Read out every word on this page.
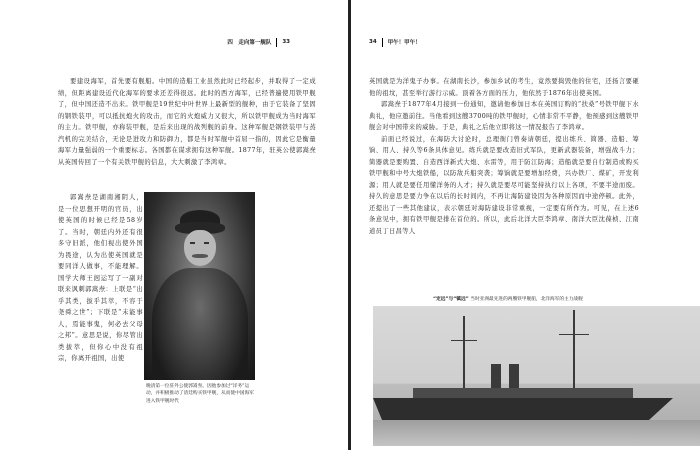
四　走向第一舰队 33

要建设海军，首先要有舰船。中国的造船工业虽然此时已经起步，并取得了一定成绩，但距离建设近代化海军的要求还差得很远。此时的西方海军，已经普遍使用铁甲舰了，但中国还造不出来。铁甲舰是19世纪中叶世界上最新型的舰种，由于它装备了坚固的钢铁装甲，可以抵抗炮火的攻击，而它的火炮威力又很大，所以铁甲舰成为当时海军的主力。铁甲舰，亦称装甲舰，是后来出现的战列舰的前身。这种军舰是钢铁装甲与蒸汽机的完美结合，无论是进攻力和防御力，都是当时军舰中首屈一指的，因此它是衡量海军力量强弱的一个重要标志。各国都在谋求拥有这种军舰。1877年，驻英公使郭嵩焘从英国传回了一个有关铁甲舰的信息，大大刺激了李鸿章。

郭嵩焘是湖南湘阴人，是一位思想开明的官员，出使英国的时候已经是58岁了。当时，朝廷内外还有很多守旧派，他们视出使外国为畏途，认为出使英国就是要同洋人做事，不能理解。国学大师王闿运写了一副对联来讽刺郭嵩焘：上联是“出乎其类，拔乎其萃，不容于尧舜之世”；下联是“未能事人，焉能事鬼，何必去父母之邦”。意思是说，你尽管出类拔萃，但你心中没有祖宗，你离开祖国，出使

晚清第一位驻外公使郭嵩焘。因他参加过“洋务”运动，并积极推动了清廷购买铁甲舰，从而使中国海军进入铁甲舰时代
34 甲午！甲午！

英国就是为洋鬼子办事。在湖南长沙，参加乡试的考生，竟然要捣毁他的住宅，还扬言要砸他的祖坟，甚至举行游行示威。顶着各方面的压力，他依然于1876年出使英国。

郭嵩焘于1877年4月接到一份通知，邀请他参加日本在英国订购的“扶桑”号铁甲舰下水典礼，他应邀前往。当他看到这艘3700吨的铁甲舰时，心情非常不平静，他预感到这艘铁甲舰会对中国带来的威胁。于是，典礼之后他立即将这一情况报告了李鸿章。

前面已经说过，在海防大讨论时，总理衙门曾奏请朝廷，提出练兵、简器、造船、筹饷、用人、持久等6条具体意见。练兵就是要改造旧式军队，更新武器装备，增强战斗力；简器就是要购置、自造西洋新式大炮、水雷等，用于防江防海；造船就是要自行制造或购买铁甲舰和中号大炮铁船，以防敌兵船突袭；筹饷就是要增加经费，兴办铁厂、煤矿，开发利源；用人就是要任用懂洋务的人才；持久就是要尽可能坚持执行以上各项，不要半途而废。持久的意思是要力争在以后的长时间内，不再让海防建设因为各种原因而中途停顿。此外，还提出了一些其他建议，表示朝廷对海防建设非常重视，一定要有所作为。可见，在上述6条意见中，拥有铁甲舰是排在首位的。所以，此后北洋大臣李鸿章、南洋大臣沈葆桢、江南道员丁日昌等人

“定远”与“镇远” 当时亚洲最先进的两艘铁甲舰船，北洋海军的主力战舰
